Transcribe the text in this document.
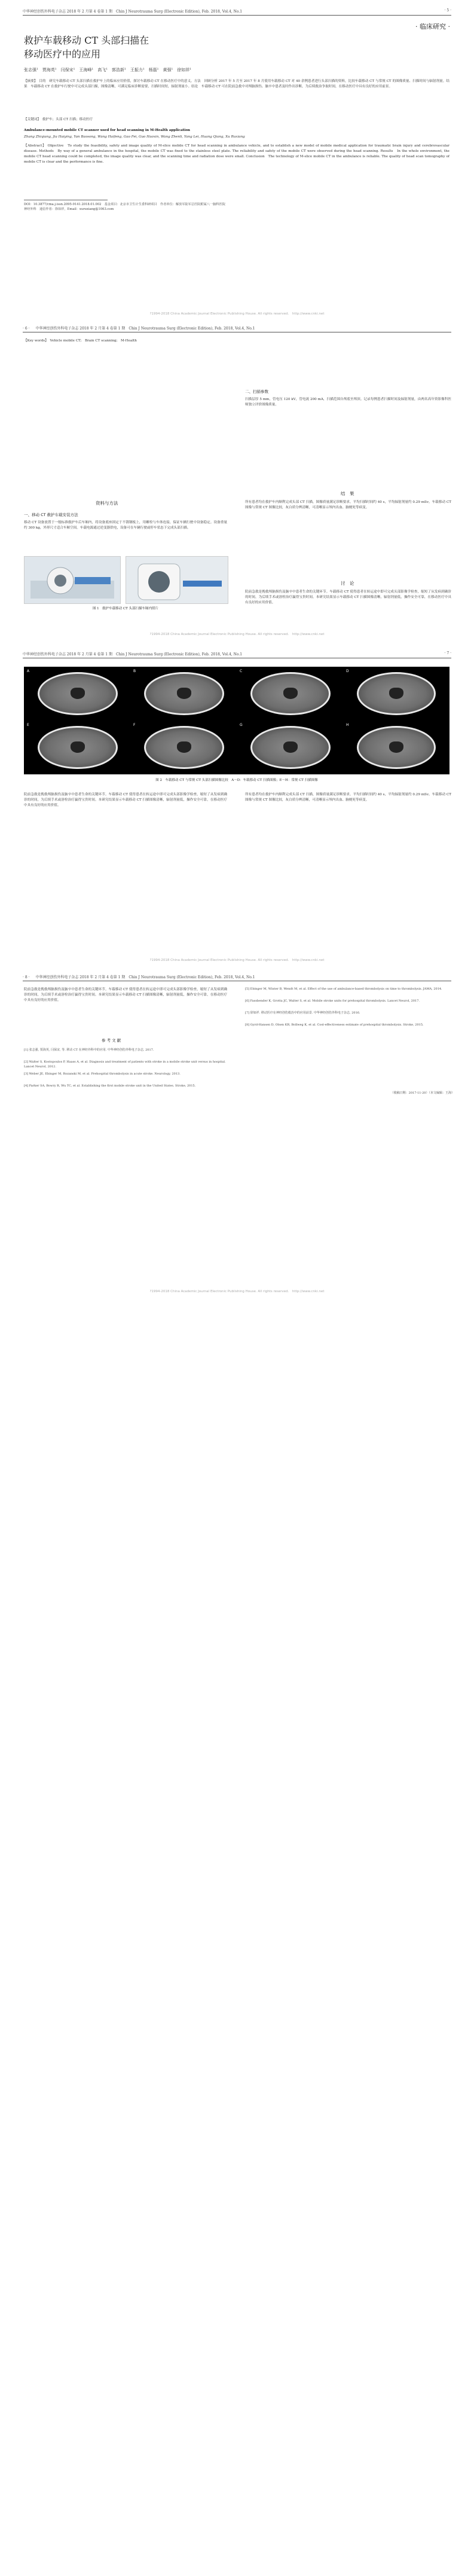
中华神经创伤外科电子杂志 2018 年 2 月第 4 卷第 1 期　Chin J Neurotrauma Surg (Electronic Edition), Feb. 2018, Vol.4, No.1	· 5 ·
· 临床研究 ·
救护车载移动 CT 头部扫描在
移动医疗中的应用
张志强¹　贾海英¹　闫保宋¹　王海峰¹　高飞¹　郭浩新¹　王振力¹　杨磊¹　黄强¹　徐如祥¹
【摘要】　目的　研究车载移动 CT 头部扫描在救护车上的临床应用价值，探讨车载移动 CT 在移动医疗中的意义。方法　回顾分析 2017 年 5 月至 2017 年 8 月使用车载移动 CT 对 40 余例患者进行头部扫描的资料，比较车载移动 CT 与常规 CT 的图像质量、扫描时间与辐射剂量。结果　车载移动 CT 在救护车行驶中可完成头部扫描，图像清晰，可满足临床诊断需要，扫描时间短，辐射剂量小。结论　车载移动 CT 可在院前急救中对颅脑损伤、脑卒中患者及时作出诊断，为后续救治争取时间，在移动医疗中具有良好的应用前景。
【关键词】　救护车；头部 CT 扫描；移动医疗
Ambulance-mounted mobile CT scanner used for head scanning in M-Health application
Zhang Zhiqiang, Jia Haiying, Yan Baosong, Wang Haifeng, Gao Fei, Guo Haoxin, Wang Zhenli, Yang Lei, Huang Qiang, Xu Ruxiang
【Abstract】 Objective　To study the feasibility, safety and image quality of M-slice mobile CT for head scanning in ambulance vehicle, and to establish a new model of mobile medical application for traumatic brain injury and cerebrovascular disease. Methods　By way of a general ambulance in the hospital, the mobile CT was fixed to the stainless steel plate. The reliability and safety of the mobile CT were observed during the head scanning. Results　In the whole environment, the mobile CT head scanning could be completed, the image quality was clear, and the scanning time and radiation dose were small. Conclusion　The technology of M-slice mobile CT in the ambulance is reliable. The quality of head scan tomography of mobile CT is clear and the performance is fine.
DOI：10.3877/cma.j.issn.2095-9141.2018.01.002　基金项目：北京市卫生计生委科研项目　作者单位：解放军陆军总医院附属八一脑科医院神经外科　通信作者：徐如祥，Email：xuruxiang@1063.com
?1994-2018 China Academic Journal Electronic Publishing House. All rights reserved.　http://www.cnki.net
· 6 · 中华神经创伤外科电子杂志 2018 年 2 月第 4 卷第 1 期　Chin J Neurotrauma Surg (Electronic Edition), Feb. 2018, Vol.4, No.1
【Key words】　Vehicle mobile CT;　Brain CT scanning;　M-Health
资料与方法
一、移动 CT 救护车载安装方法
移动 CT 设备放置于一般标准救护车后车厢内，将设备底座固定于不锈钢板上，用螺栓与车体连接，保证车辆行驶中设备稳定。设备重量约 300 kg，外形尺寸适合车厢空间。车载电源通过逆变器供电，设备可在车辆行驶或停车状态下完成头部扫描。
二、扫描参数
扫描层厚 5 mm，管电压 120 kV，管电流 200 mA，扫描范围自颅底至颅顶。记录每例患者扫描时间及辐射剂量，由两名高年资影像科医师独立评价图像质量。
图 1　救护车载移动 CT 头部扫描车厢内照片
结　果
所有患者均在救护车内顺利完成头部 CT 扫描，图像质量满足诊断要求。平均扫描时间约 40 s，平均辐射剂量约 0.29 mSv。车载移动 CT 图像与常规 CT 图像比较，灰白质分辨清晰，可清晰显示颅内出血、脑梗死等病变。
讨　论
院前急救是挽救颅脑损伤及脑卒中患者生命的关键环节。车载移动 CT 使得患者在转运途中即可完成头部影像学检查，缩短了从发病到确诊的时间，为后续手术或溶栓治疗赢得宝贵时间。本研究结果显示车载移动 CT 扫描图像清晰，辐射剂量低，操作安全可靠，在移动医疗中具有良好的应用价值。
?1994-2018 China Academic Journal Electronic Publishing House. All rights reserved.　http://www.cnki.net
中华神经创伤外科电子杂志 2018 年 2 月第 4 卷第 1 期　Chin J Neurotrauma Surg (Electronic Edition), Feb. 2018, Vol.4, No.1	· 7 ·
A	B	C	D
E	F	G	H
图 2　车载移动 CT 与常规 CT 头部扫描图像比较　A～D：车载移动 CT 扫描图像；E～H：常规 CT 扫描图像
院前急救是挽救颅脑损伤及脑卒中患者生命的关键环节。车载移动 CT 使得患者在转运途中即可完成头部影像学检查，缩短了从发病到确诊的时间，为后续手术或溶栓治疗赢得宝贵时间。本研究结果显示车载移动 CT 扫描图像清晰，辐射剂量低，操作安全可靠，在移动医疗中具有良好的应用价值。
所有患者均在救护车内顺利完成头部 CT 扫描，图像质量满足诊断要求。平均扫描时间约 40 s，平均辐射剂量约 0.29 mSv。车载移动 CT 图像与常规 CT 图像比较，灰白质分辨清晰，可清晰显示颅内出血、脑梗死等病变。
?1994-2018 China Academic Journal Electronic Publishing House. All rights reserved.　http://www.cnki.net
· 8 · 中华神经创伤外科电子杂志 2018 年 2 月第 4 卷第 1 期　Chin J Neurotrauma Surg (Electronic Edition), Feb. 2018, Vol.4, No.1
院前急救是挽救颅脑损伤及脑卒中患者生命的关键环节。车载移动 CT 使得患者在转运途中即可完成头部影像学检查，缩短了从发病到确诊的时间，为后续手术或溶栓治疗赢得宝贵时间。本研究结果显示车载移动 CT 扫描图像清晰，辐射剂量低，操作安全可靠，在移动医疗中具有良好的应用价值。
参 考 文 献
[1] 张志强, 贾海英, 闫保宋, 等. 移动 CT 在神经外科中的应用. 中华神经创伤外科电子杂志, 2017.
[2] Walter S, Kostopoulos P, Haass A, et al. Diagnosis and treatment of patients with stroke in a mobile stroke unit versus in hospital. Lancet Neurol, 2012.
[3] Weber JE, Ebinger M, Rozanski M, et al. Prehospital thrombolysis in acute stroke. Neurology, 2013.
[4] Parker SA, Bowry R, Wu TC, et al. Establishing the first mobile stroke unit in the United States. Stroke, 2015.
[5] Ebinger M, Winter B, Wendt M, et al. Effect of the use of ambulance-based thrombolysis on time to thrombolysis. JAMA, 2014.
[6] Fassbender K, Grotta JC, Walter S, et al. Mobile stroke units for prehospital thrombolysis. Lancet Neurol, 2017.
[7] 徐如祥. 移动医疗在神经创伤救治中的应用前景. 中华神经创伤外科电子杂志, 2016.
[8] Gyrd-Hansen D, Olsen KR, Bollweg K, et al. Cost-effectiveness estimate of prehospital thrombolysis. Stroke, 2015.
（收稿日期：2017-11-20）（本文编辑：王海）
?1994-2018 China Academic Journal Electronic Publishing House. All rights reserved.　http://www.cnki.net
